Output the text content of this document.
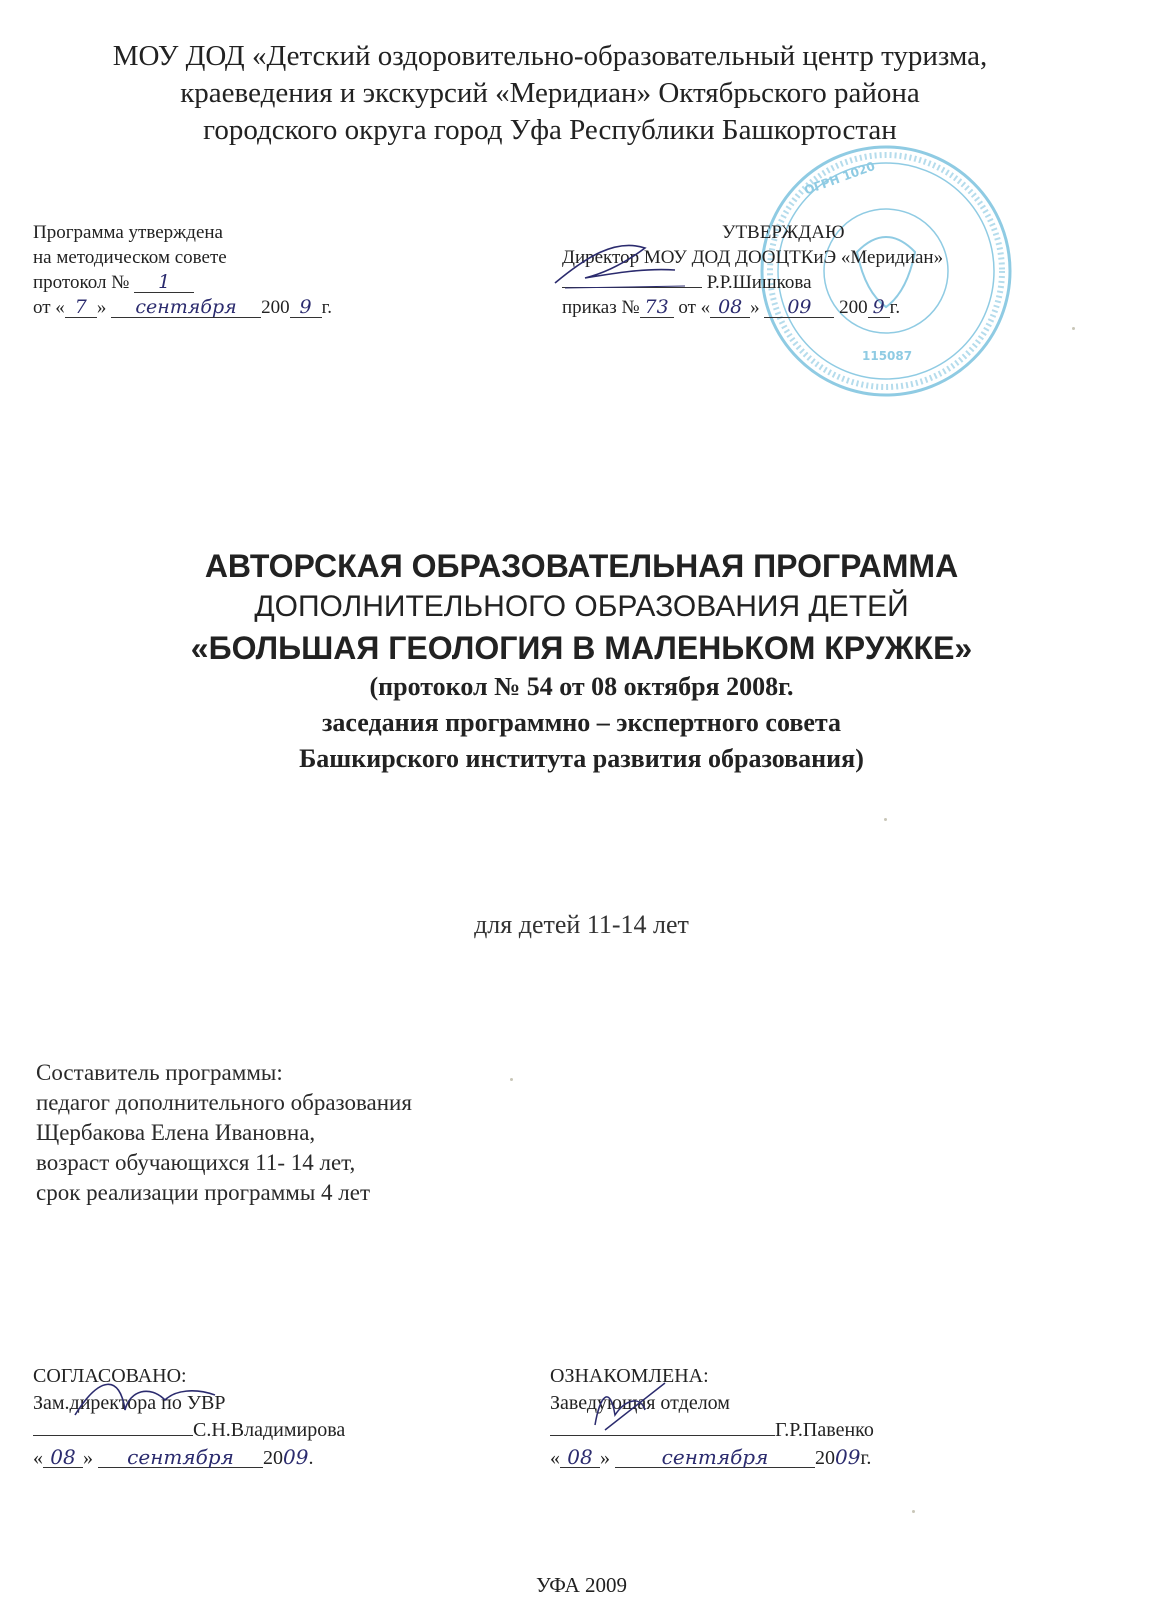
МОУ ДОД «Детский оздоровительно-образовательный центр туризма,
краеведения и экскурсий «Меридиан» Октябрьского района
городского округа город Уфа Республики Башкортостан
Программа утверждена
на методическом совете
протокол № 1
от « 7 » сентября 200 9 г.
ОГРН 1020
115087
УТВЕРЖДАЮ
Директор МОУ ДОД ДООЦТКиЭ «Меридиан»
Р.Р.Шишкова
приказ № 73 от « 08 » 09 200 9 г.
АВТОРСКАЯ ОБРАЗОВАТЕЛЬНАЯ ПРОГРАММА
ДОПОЛНИТЕЛЬНОГО ОБРАЗОВАНИЯ ДЕТЕЙ
«БОЛЬШАЯ ГЕОЛОГИЯ В МАЛЕНЬКОМ КРУЖКЕ»
(протокол № 54 от 08 октября 2008г.
заседания программно – экспертного совета
Башкирского института развития образования)
для детей 11-14 лет
Составитель программы:
педагог дополнительного образования
Щербакова Елена Ивановна,
возраст обучающихся 11- 14 лет,
срок реализации программы 4 лет
СОГЛАСОВАНО:
Зам.директора по УВР
С.Н.Владимирова
« 08 » сентября 2009.
ОЗНАКОМЛЕНА:
Заведующая отделом
Г.Р.Павенко
« 08 »	сентября 2009г.
УФА 2009
